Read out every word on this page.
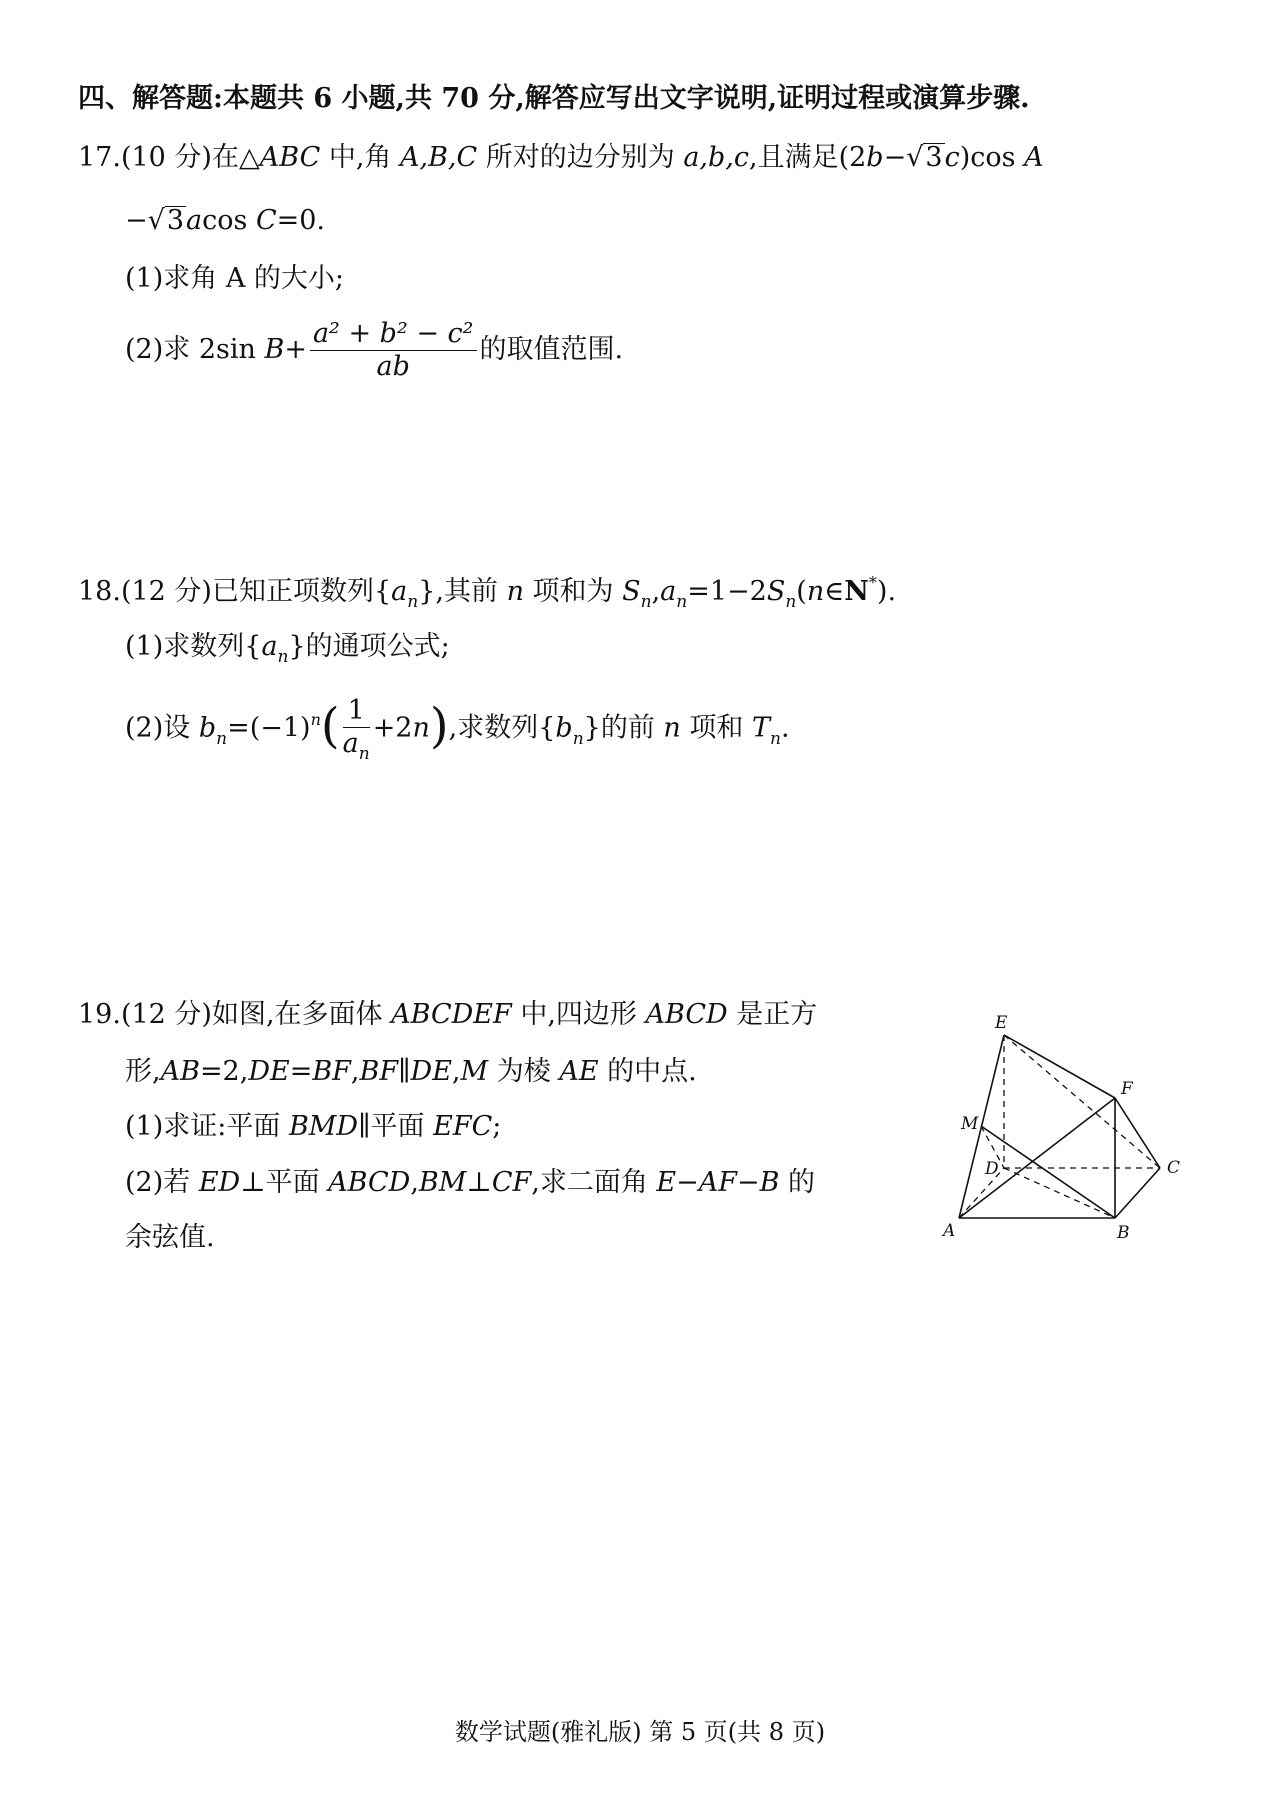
四、解答题:本题共 6 小题,共 70 分,解答应写出文字说明,证明过程或演算步骤.
17.(10 分)在△ABC 中,角 A,B,C 所对的边分别为 a,b,c,且满足(2b−√3c)cos A
−√3acos C=0.
(1)求角 A 的大小;
(2)求 2sin $B+ \frac{\text{a² + b² − c²}}{ab}$ 的取值范围.
18.(12 分)已知正项数列$\{a_n\}$,其前 n 项和为 $S_n,a_n=1-2S_n(n\in N^*)$.
(1)求数列$\{a_n\}$的通项公式;
(2)设 $b_n=(-1)^n( \frac{1}{a_n} +2n)$,求数列$\{b_n\}$的前 n 项和 $T_n$.
19.(12 分)如图,在多面体 ABCDEF 中,四边形 ABCD 是正方
形,AB=2,DE=BF,BF∥DE,M 为棱 AE 的中点.
(1)求证:平面 BMD∥平面 EFC;
(2)若 ED⊥平面 ABCD,BM⊥CF,求二面角 E−AF−B 的
余弦值.
E
F
M
D	C
A	B
数学试题(雅礼版) 第 5 页(共 8 页)
